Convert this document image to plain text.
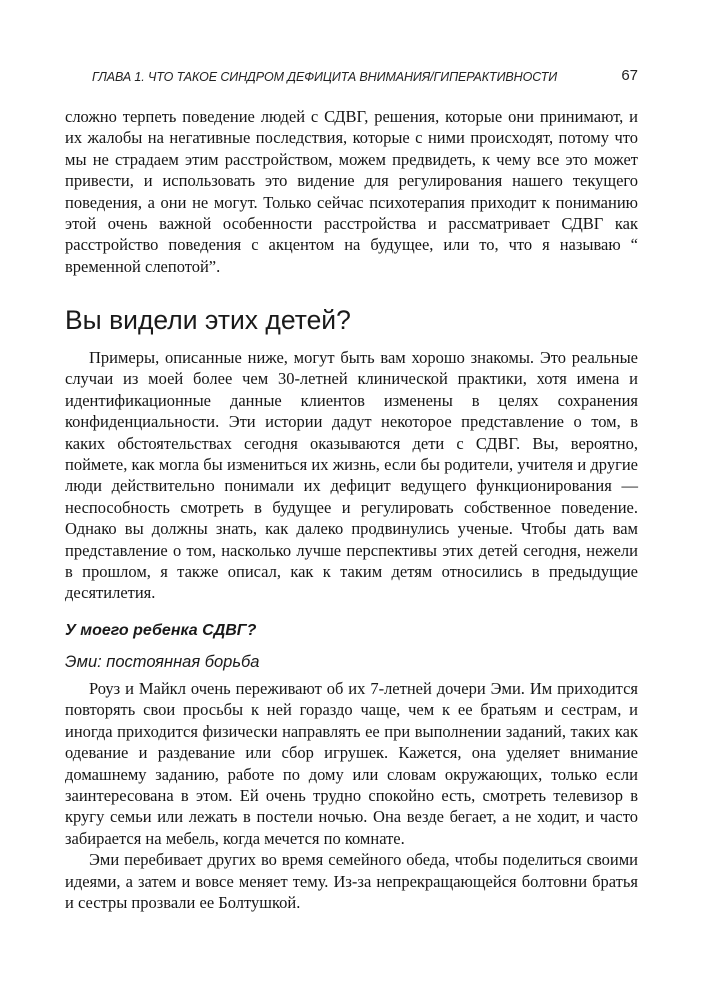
ГЛАВА 1. ЧТО ТАКОЕ СИНДРОМ ДЕФИЦИТА ВНИМАНИЯ/ГИПЕРАКТИВНОСТИ	67

сложно терпеть поведение людей с СДВГ, решения, которые они принимают, и их жалобы на негативные последствия, которые с ними происходят, потому что мы не страдаем этим расстройством, можем предвидеть, к чему все это может привести, и использовать это видение для регулирования нашего текущего поведения, а они не могут. Только сейчас психотерапия приходит к пониманию этой очень важной особенности расстройства и рассматривает СДВГ как расстройство поведения с акцентом на будущее, или то, что я называю “ временной слепотой”.

Вы видели этих детей?

Примеры, описанные ниже, могут быть вам хорошо знакомы. Это реальные случаи из моей более чем 30-летней клинической практики, хотя имена и идентификационные данные клиентов изменены в целях сохранения конфиденциальности. Эти истории дадут некоторое представление о том, в каких обстоятельствах сегодня оказываются дети с СДВГ. Вы, вероятно, поймете, как могла бы измениться их жизнь, если бы родители, учителя и другие люди действительно понимали их дефицит ведущего функционирования — неспособность смотреть в будущее и регулировать собственное поведение. Однако вы должны знать, как далеко продвинулись ученые. Чтобы дать вам представление о том, насколько лучше перспективы этих детей сегодня, нежели в прошлом, я также описал, как к таким детям относились в предыдущие десятилетия.

У моего ребенка СДВГ?
Эми: постоянная борьба

Роуз и Майкл очень переживают об их 7-летней дочери Эми. Им приходится повторять свои просьбы к ней гораздо чаще, чем к ее братьям и сестрам, и иногда приходится физически направлять ее при выполнении заданий, таких как одевание и раздевание или сбор игрушек. Кажется, она уделяет внимание домашнему заданию, работе по дому или словам окружающих, только если заинтересована в этом. Ей очень трудно спокойно есть, смотреть телевизор в кругу семьи или лежать в постели ночью. Она везде бегает, а не ходит, и часто забирается на мебель, когда мечется по комнате.

Эми перебивает других во время семейного обеда, чтобы поделиться своими идеями, а затем и вовсе меняет тему. Из-за непрекращающейся болтовни братья и сестры прозвали ее Болтушкой.
